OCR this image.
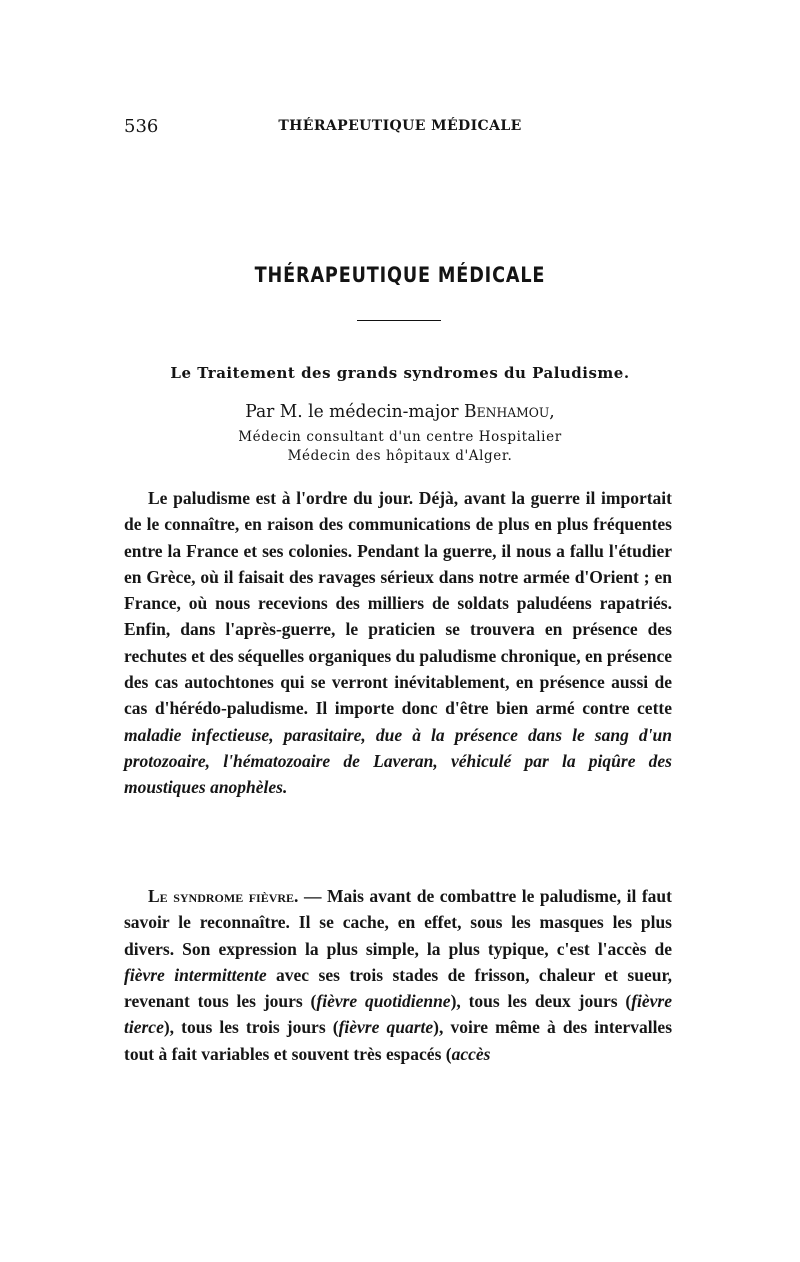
536	THÉRAPEUTIQUE MÉDICALE
THÉRAPEUTIQUE MÉDICALE
Le Traitement des grands syndromes du Paludisme.
Par M. le médecin-major Benhamou,
Médecin consultant d'un centre Hospitalier
Médecin des hôpitaux d'Alger.

Le paludisme est à l'ordre du jour. Déjà, avant la guerre il importait de le connaître, en raison des communications de plus en plus fréquentes entre la France et ses colonies. Pendant la guerre, il nous a fallu l'étudier en Grèce, où il faisait des ravages sérieux dans notre armée d'Orient ; en France, où nous recevions des milliers de soldats paludéens rapatriés. Enfin, dans l'après-guerre, le praticien se trouvera en présence des rechutes et des séquelles organiques du paludisme chronique, en présence des cas autochtones qui se verront inévitablement, en présence aussi de cas d'hérédo-paludisme. Il importe donc d'être bien armé contre cette maladie infectieuse, parasitaire, due à la présence dans le sang d'un protozoaire, l'hématozoaire de Laveran, véhiculé par la piqûre des moustiques anophèles.

Le syndrome fièvre. — Mais avant de combattre le paludisme, il faut savoir le reconnaître. Il se cache, en effet, sous les masques les plus divers. Son expression la plus simple, la plus typique, c'est l'accès de fièvre intermittente avec ses trois stades de frisson, chaleur et sueur, revenant tous les jours (fièvre quotidienne), tous les deux jours (fièvre tierce), tous les trois jours (fièvre quarte), voire même à des intervalles tout à fait variables et souvent très espacés (accès
